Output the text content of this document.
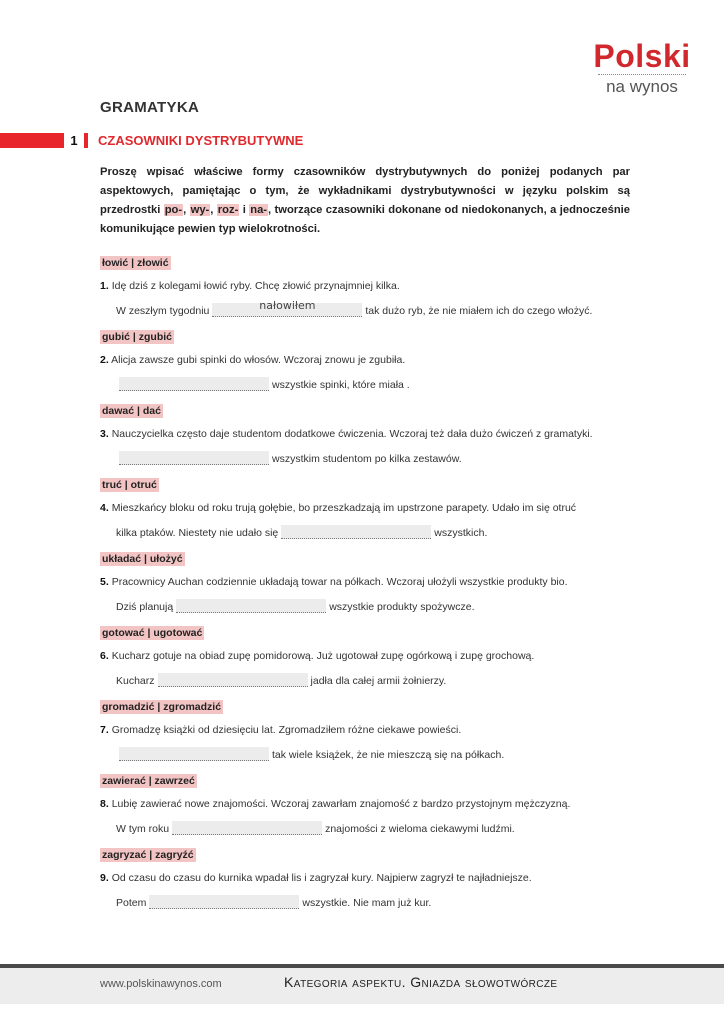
Polski
na wynos
GRAMATYKA
1	CZASOWNIKI DYSTRYBUTYWNE
Proszę wpisać właściwe formy czasowników dystrybutywnych do poniżej podanych par aspektowych, pamiętając o tym, że wykładnikami dystrybutywności w języku polskim są przedrostki po-, wy-, roz- i na-, tworzące czasowniki dokonane od niedokonanych, a jednocześnie komunikujące pewien typ wielokrotności.
łowić | złowić
1. Idę dziś z kolegami łowić ryby. Chcę złowić przynajmniej kilka.
W zeszłym tygodniu	nałowiłem	tak dużo ryb, że nie miałem ich do czego włożyć.
gubić | zgubić
2. Alicja zawsze gubi spinki do włosów. Wczoraj znowu je zgubiła.
wszystkie spinki, które miała .
dawać | dać
3. Nauczycielka często daje studentom dodatkowe ćwiczenia. Wczoraj też dała dużo ćwiczeń z gramatyki.
wszystkim studentom po kilka zestawów.
truć | otruć
4. Mieszkańcy bloku od roku trują gołębie, bo przeszkadzają im upstrzone parapety. Udało im się otruć
kilka ptaków. Niestety nie udało się	wszystkich.
układać | ułożyć
5. Pracownicy Auchan codziennie układają towar na półkach. Wczoraj ułożyli wszystkie produkty bio.
Dziś planują	wszystkie produkty spożywcze.
gotować | ugotować
6. Kucharz gotuje na obiad zupę pomidorową. Już ugotował zupę ogórkową i zupę grochową.
Kucharz	jadła dla całej armii żołnierzy.
gromadzić | zgromadzić
7. Gromadzę książki od dziesięciu lat. Zgromadziłem różne ciekawe powieści.
tak wiele książek, że nie mieszczą się na półkach.
zawierać | zawrzeć
8. Lubię zawierać nowe znajomości. Wczoraj zawarłam znajomość z bardzo przystojnym mężczyzną.
W tym roku	znajomości z wieloma ciekawymi ludźmi.
zagryzać | zagryźć
9. Od czasu do czasu do kurnika wpadał lis i zagryzał kury. Najpierw zagryzł te najładniejsze.
Potem	wszystkie. Nie mam już kur.
www.polskinawynos.com	Kategoria aspektu. Gniazda słowotwórcze
